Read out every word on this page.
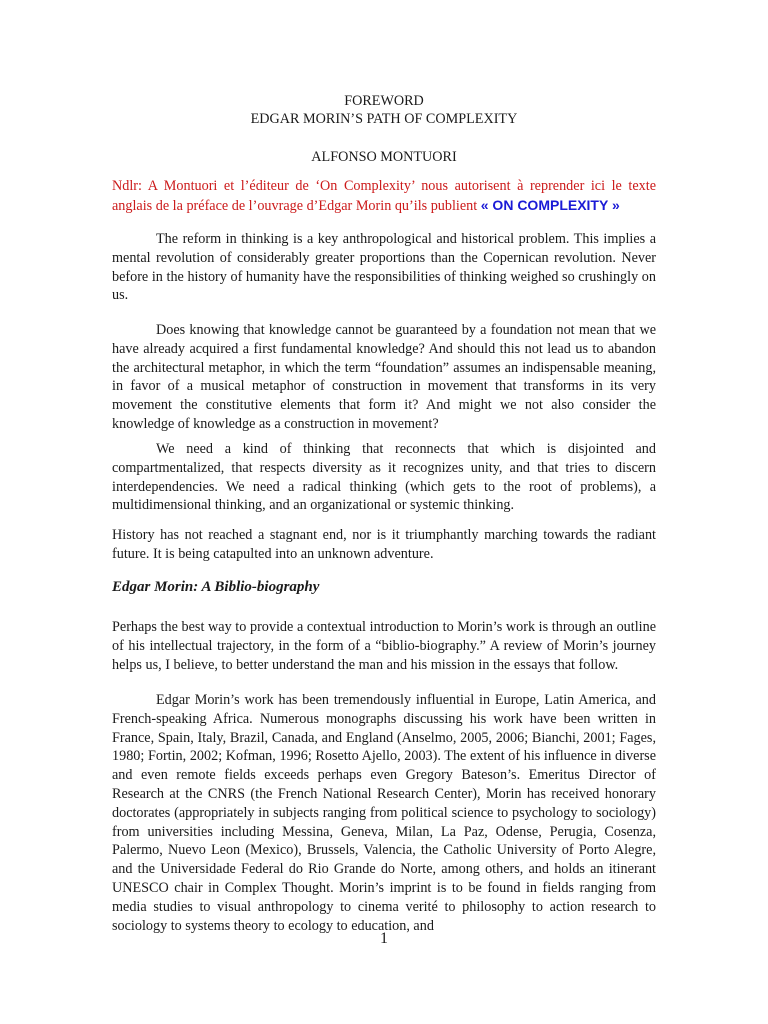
FOREWORD
EDGAR MORIN’S PATH OF COMPLEXITY
ALFONSO MONTUORI
Ndlr: A Montuori et l’éditeur de ‘On Complexity’ nous autorisent à reprender ici le texte anglais de la préface de l’ouvrage d’Edgar Morin qu’ils publient « ON COMPLEXITY »
The reform in thinking is a key anthropological and historical problem. This implies a mental revolution of considerably greater proportions than the Copernican revolution. Never before in the history of humanity have the responsibilities of thinking weighed so crushingly on us.
Does knowing that knowledge cannot be guaranteed by a foundation not mean that we have already acquired a first fundamental knowledge? And should this not lead us to abandon the architectural metaphor, in which the term “foundation” assumes an indispensable meaning, in favor of a musical metaphor of construction in movement that transforms in its very movement the constitutive elements that form it? And might we not also consider the knowledge of knowledge as a construction in movement?
We need a kind of thinking that reconnects that which is disjointed and compartmentalized, that respects diversity as it recognizes unity, and that tries to discern interdependencies. We need a radical thinking (which gets to the root of problems), a multidimensional thinking, and an organizational or systemic thinking.
History has not reached a stagnant end, nor is it triumphantly marching towards the radiant future. It is being catapulted into an unknown adventure.
Edgar Morin: A Biblio-biography
Perhaps the best way to provide a contextual introduction to Morin’s work is through an outline of his intellectual trajectory, in the form of a “biblio-biography.” A review of Morin’s journey helps us, I believe, to better understand the man and his mission in the essays that follow.
Edgar Morin’s work has been tremendously influential in Europe, Latin America, and French-speaking Africa. Numerous monographs discussing his work have been written in France, Spain, Italy, Brazil, Canada, and England (Anselmo, 2005, 2006; Bianchi, 2001; Fages, 1980; Fortin, 2002; Kofman, 1996; Rosetto Ajello, 2003). The extent of his influence in diverse and even remote fields exceeds perhaps even Gregory Bateson’s. Emeritus Director of Research at the CNRS (the French National Research Center), Morin has received honorary doctorates (appropriately in subjects ranging from political science to psychology to sociology) from universities including Messina, Geneva, Milan, La Paz, Odense, Perugia, Cosenza, Palermo, Nuevo Leon (Mexico), Brussels, Valencia, the Catholic University of Porto Alegre, and the Universidade Federal do Rio Grande do Norte, among others, and holds an itinerant UNESCO chair in Complex Thought. Morin’s imprint is to be found in fields ranging from media studies to visual anthropology to cinema verité to philosophy to action research to sociology to systems theory to ecology to education, and
1
